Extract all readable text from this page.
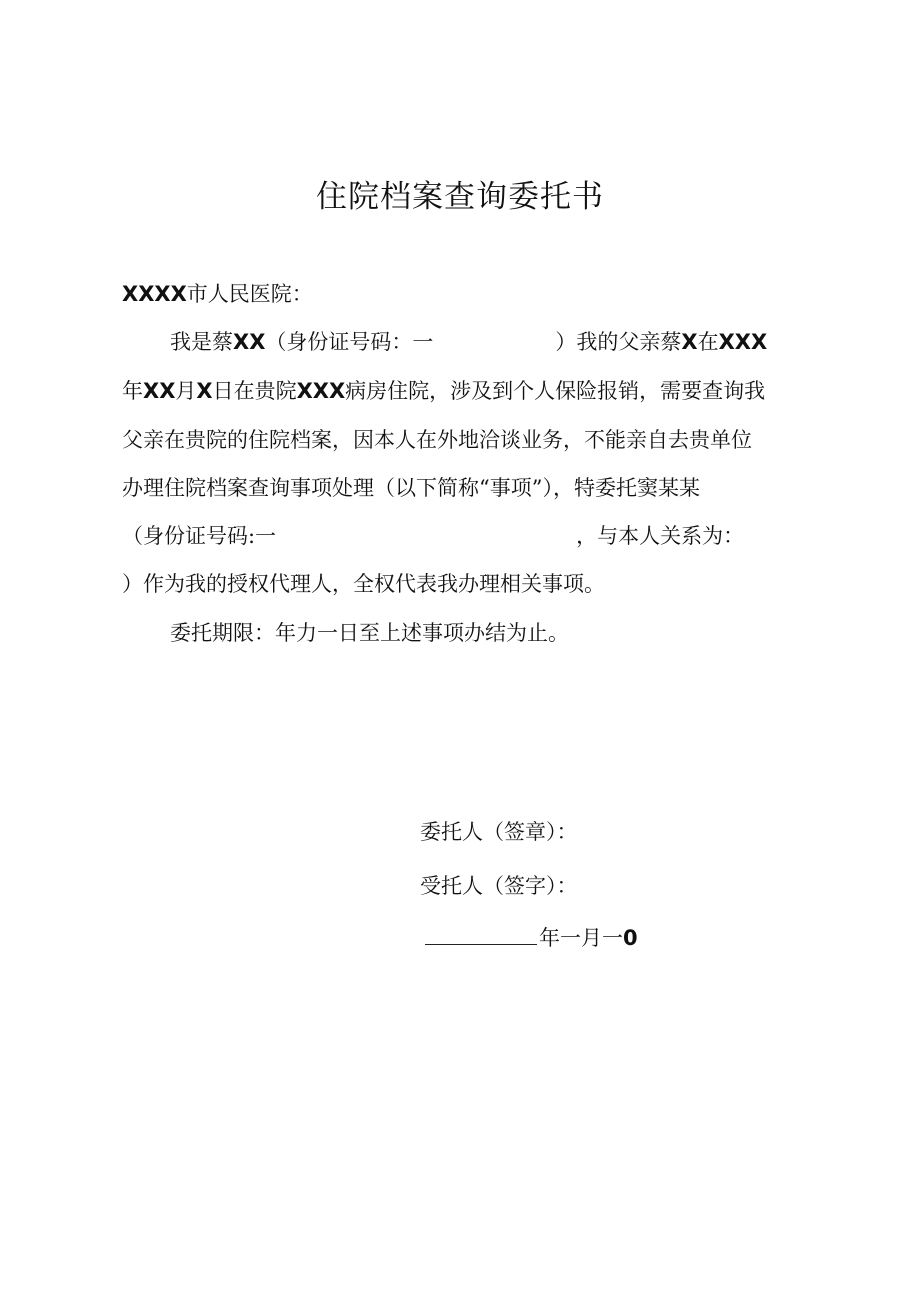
住院档案查询委托书
XXXX市人民医院：
我是蔡XX（身份证号码：一	）我的父亲蔡X在XXX
年XX月X日在贵院XXX病房住院，涉及到个人保险报销，需要查询我
父亲在贵院的住院档案，因本人在外地洽谈业务，不能亲自去贵单位
办理住院档案查询事项处理（以下简称“事项”），特委托窦某某
（身份证号码:一	，与本人关系为：
）作为我的授权代理人，全权代表我办理相关事项。
委托期限：年力一日至上述事项办结为止。
委托人（签章）：
受托人（签字）：
年一月一0
